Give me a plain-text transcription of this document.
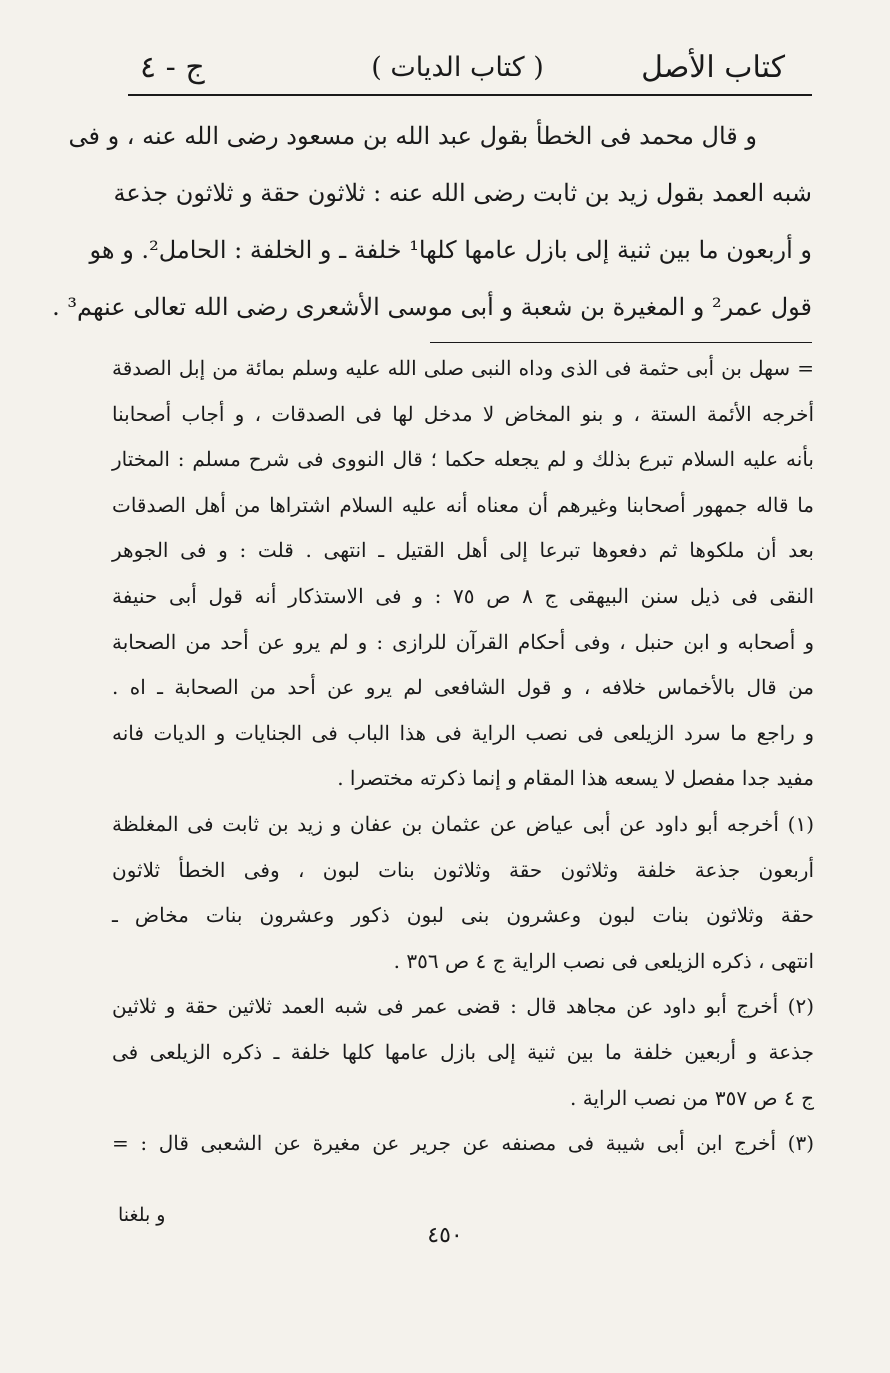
كتاب الأصل
( كتاب الديات )
ج - ٤
و قال محمد فى الخطأ بقول عبد الله بن مسعود رضى الله عنه ، و فى
شبه العمد بقول زيد بن ثابت رضى الله عنه : ثلاثون حقة و ثلاثون جذعة
و أربعون ما بين ثنية إلى بازل عامها كلها¹ خلفة ـ و الخلفة : الحامل². و هو
قول عمر² و المغيرة بن شعبة و أبى موسى الأشعرى رضى الله تعالى عنهم³ .
= سهل بن أبى حثمة فى الذى وداه النبى صلى الله عليه وسلم بمائة من إبل الصدقة
أخرجه الأئمة الستة ، و بنو المخاض لا مدخل لها فى الصدقات ، و أجاب أصحابنا
بأنه عليه السلام تبرع بذلك و لم يجعله حكما ؛ قال النووى فى شرح مسلم : المختار
ما قاله جمهور أصحابنا وغيرهم أن معناه أنه عليه السلام اشتراها من أهل الصدقات
بعد أن ملكوها ثم دفعوها تبرعا إلى أهل القتيل ـ انتهى . قلت : و فى الجوهر
النقى فى ذيل سنن البيهقى ج ٨ ص ٧٥ : و فى الاستذكار أنه قول أبى حنيفة
و أصحابه و ابن حنبل ، وفى أحكام القرآن للرازى : و لم يرو عن أحد من الصحابة
من قال بالأخماس خلافه ، و قول الشافعى لم يرو عن أحد من الصحابة ـ اه .
و راجع ما سرد الزيلعى فى نصب الراية فى هذا الباب فى الجنايات و الديات فانه
مفيد جدا مفصل لا يسعه هذا المقام و إنما ذكرته مختصرا .
(١) أخرجه أبو داود عن أبى عياض عن عثمان بن عفان و زيد بن ثابت فى المغلظة
أربعون جذعة خلفة وثلاثون حقة وثلاثون بنات لبون ، وفى الخطأ ثلاثون
حقة وثلاثون بنات لبون وعشرون بنى لبون ذكور وعشرون بنات مخاض ـ
انتهى ، ذكره الزيلعى فى نصب الراية ج ٤ ص ٣٥٦ .
(٢) أخرج أبو داود عن مجاهد قال : قضى عمر فى شبه العمد ثلاثين حقة و ثلاثين
جذعة و أربعين خلفة ما بين ثنية إلى بازل عامها كلها خلفة ـ ذكره الزيلعى فى
ج ٤ ص ٣٥٧ من نصب الراية .
(٣) أخرج ابن أبى شيبة فى مصنفه عن جرير عن مغيرة عن الشعبى قال : =
و بلغنا
٤٥٠
